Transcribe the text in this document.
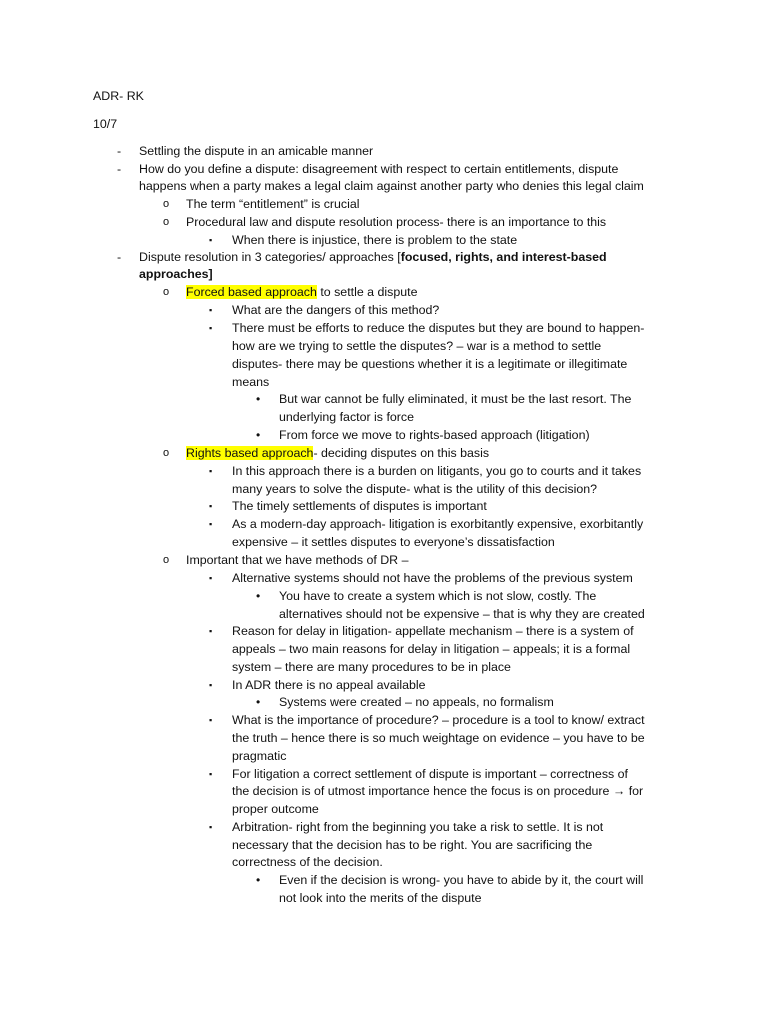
ADR- RK
10/7
- Settling the dispute in an amicable manner
- How do you define a dispute: disagreement with respect to certain entitlements, dispute
happens when a party makes a legal claim against another party who denies this legal claim
o The term “entitlement” is crucial
o Procedural law and dispute resolution process- there is an importance to this
▪ When there is injustice, there is problem to the state
- Dispute resolution in 3 categories/ approaches [focused, rights, and interest-based
approaches]
o Forced based approach to settle a dispute
▪ What are the dangers of this method?
▪ There must be efforts to reduce the disputes but they are bound to happen-
how are we trying to settle the disputes? – war is a method to settle
disputes- there may be questions whether it is a legitimate or illegitimate
means
• But war cannot be fully eliminated, it must be the last resort. The
underlying factor is force
• From force we move to rights-based approach (litigation)
o Rights based approach- deciding disputes on this basis
▪ In this approach there is a burden on litigants, you go to courts and it takes
many years to solve the dispute- what is the utility of this decision?
▪ The timely settlements of disputes is important
▪ As a modern-day approach- litigation is exorbitantly expensive, exorbitantly
expensive – it settles disputes to everyone’s dissatisfaction
o Important that we have methods of DR –
▪ Alternative systems should not have the problems of the previous system
• You have to create a system which is not slow, costly. The
alternatives should not be expensive – that is why they are created
▪ Reason for delay in litigation- appellate mechanism – there is a system of
appeals – two main reasons for delay in litigation – appeals; it is a formal
system – there are many procedures to be in place
▪ In ADR there is no appeal available
• Systems were created – no appeals, no formalism
▪ What is the importance of procedure? – procedure is a tool to know/ extract
the truth – hence there is so much weightage on evidence – you have to be
pragmatic
▪ For litigation a correct settlement of dispute is important – correctness of
the decision is of utmost importance hence the focus is on procedure → for
proper outcome
▪ Arbitration- right from the beginning you take a risk to settle. It is not
necessary that the decision has to be right. You are sacrificing the
correctness of the decision.
• Even if the decision is wrong- you have to abide by it, the court will
not look into the merits of the dispute
